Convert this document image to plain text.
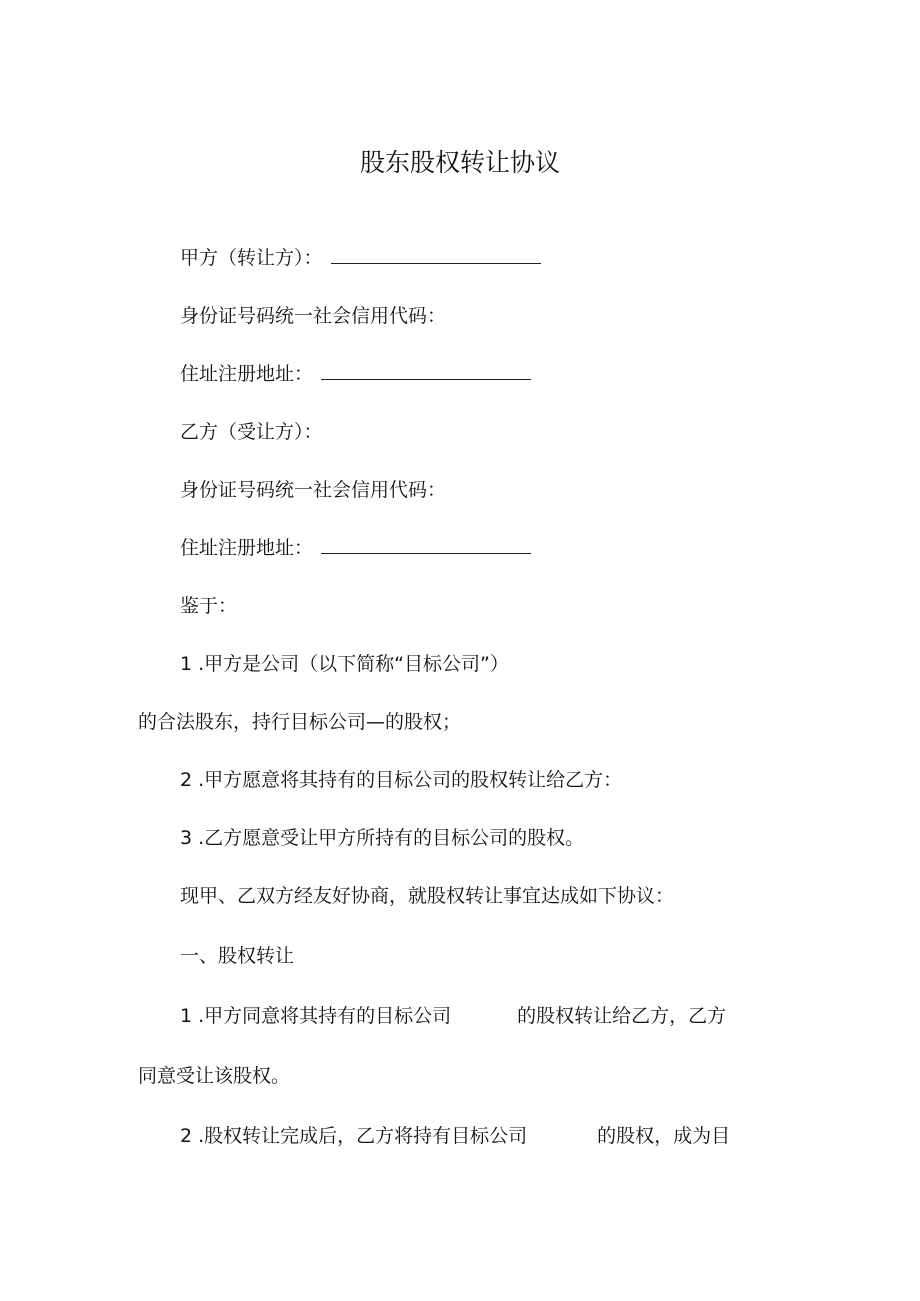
股东股权转让协议
甲方（转让方）：
身份证号码统一社会信用代码：
住址注册地址：
乙方（受让方）：
身份证号码统一社会信用代码：
住址注册地址：
鉴于：
1 .甲方是公司（以下简称“目标公司”）
的合法股东，持行目标公司—的股权；
2 .甲方愿意将其持有的目标公司的股权转让给乙方：
3 .乙方愿意受让甲方所持有的目标公司的股权。
现甲、乙双方经友好协商，就股权转让事宜达成如下协议：
一、股权转让
1 .甲方同意将其持有的目标公司	的股权转让给乙方，乙方
同意受让该股权。
2 .股权转让完成后，乙方将持有目标公司	的股权，成为目
